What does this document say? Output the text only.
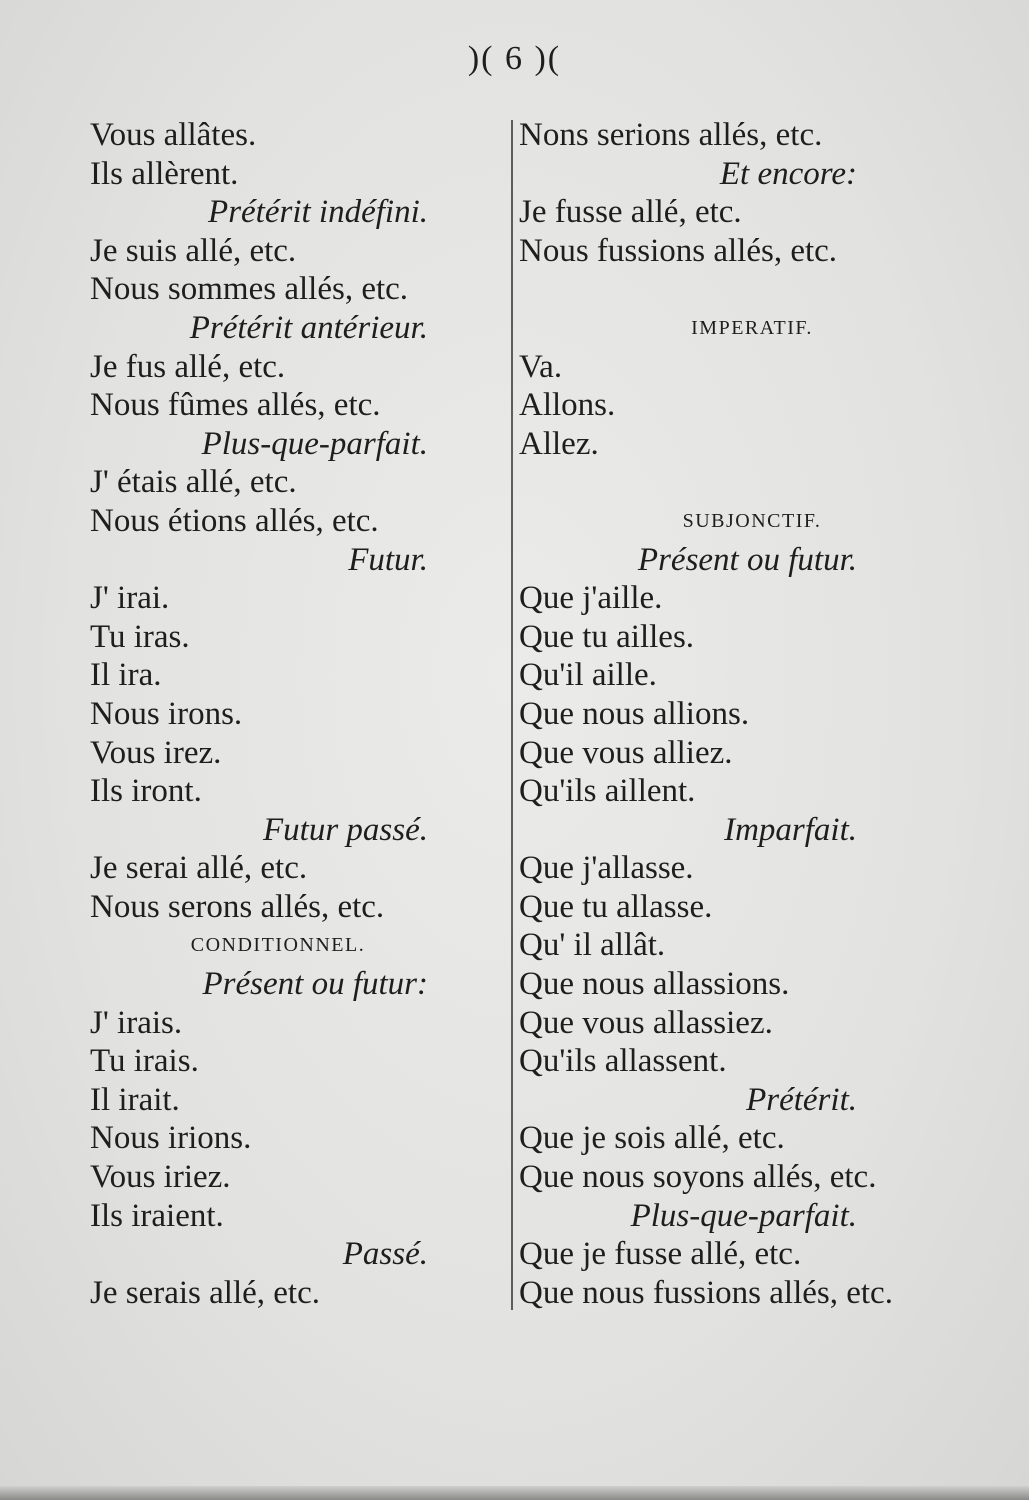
)( 6 )(
Vous allâtes.
Ils allèrent.
Prétérit indéfini.
Je suis allé, etc.
Nous sommes allés, etc.
Prétérit antérieur.
Je fus allé, etc.
Nous fûmes allés, etc.
Plus-que-parfait.
J' étais allé, etc.
Nous étions allés, etc.
Futur.
J' irai.
Tu iras.
Il ira.
Nous irons.
Vous irez.
Ils iront.
Futur passé.
Je serai allé, etc.
Nous serons allés, etc.
CONDITIONNEL.
Présent ou futur:
J' irais.
Tu irais.
Il irait.
Nous irions.
Vous iriez.
Ils iraient.
Passé.
Je serais allé, etc.
Nons serions allés, etc.
Et encore:
Je fusse allé, etc.
Nous fussions allés, etc.
IMPERATIF.
Va.
Allons.
Allez.
SUBJONCTIF.
Présent ou futur.
Que j'aille.
Que tu ailles.
Qu'il aille.
Que nous allions.
Que vous alliez.
Qu'ils aillent.
Imparfait.
Que j'allasse.
Que tu allasse.
Qu' il allât.
Que nous allassions.
Que vous allassiez.
Qu'ils allassent.
Prétérit.
Que je sois allé, etc.
Que nous soyons allés, etc.
Plus-que-parfait.
Que je fusse allé, etc.
Que nous fussions allés, etc.
